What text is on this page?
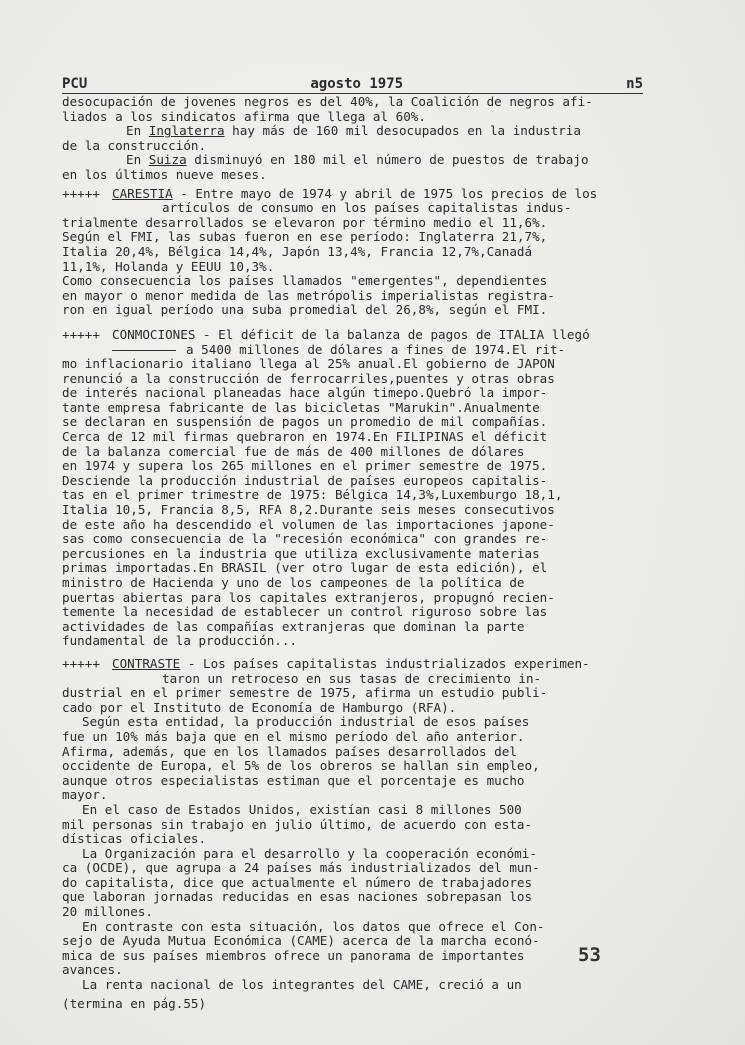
PCU	agosto 1975	n5

desocupación de jovenes negros es del 40%, la Coalición de negros afi-

liados a los sindicatos afirma que llega al 60%.

En Inglaterra hay más de 160 mil desocupados en la industria

de la construcción.

En Suiza disminuyó en 180 mil el número de puestos de trabajo

en los últimos nueve meses.

+++++ CARESTIA - Entre mayo de 1974 y abril de 1975 los precios de los

artículos de consumo en los países capitalistas indus-

trialmente desarrollados se elevaron por término medio el 11,6%.

Según el FMI, las subas fueron en ese período: Inglaterra 21,7%,

Italia 20,4%, Bélgica 14,4%, Japón 13,4%, Francia 12,7%,Canadá

11,1%, Holanda y EEUU 10,3%.

Como consecuencia los países llamados "emergentes", dependientes

en mayor o menor medida de las metrópolis imperialistas registra-

ron en igual período una suba promedial del 26,8%, según el FMI.

+++++ CONMOCIONES - El déficit de la balanza de pagos de ITALIA llegó

a 5400 millones de dólares a fines de 1974.El rit-

mo inflacionario italiano llega al 25% anual.El gobierno de JAPON

renunció a la construcción de ferrocarriles,puentes y otras obras

de interés nacional planeadas hace algún timepo.Quebró la impor-

tante empresa fabricante de las bicicletas "Marukin".Anualmente

se declaran en suspensión de pagos un promedio de mil compañías.

Cerca de 12 mil firmas quebraron en 1974.En FILIPINAS el déficit

de la balanza comercial fue de más de 400 millones de dólares

en 1974 y supera los 265 millones en el primer semestre de 1975.

Desciende la producción industrial de países europeos capitalis-

tas en el primer trimestre de 1975: Bélgica 14,3%,Luxemburgo 18,1,

Italia 10,5, Francia 8,5, RFA 8,2.Durante seis meses consecutivos

de este año ha descendido el volumen de las importaciones japone-

sas como consecuencia de la "recesión económica" con grandes re-

percusiones en la industria que utiliza exclusivamente materias

primas importadas.En BRASIL (ver otro lugar de esta edición), el

ministro de Hacienda y uno de los campeones de la política de

puertas abiertas para los capitales extranjeros, propugnó recien-

temente la necesidad de establecer un control riguroso sobre las

actividades de las compañías extranjeras que dominan la parte

fundamental de la producción...

+++++ CONTRASTE - Los países capitalistas industrializados experimen-

taron un retroceso en sus tasas de crecimiento in-

dustrial en el primer semestre de 1975, afirma un estudio publi-

cado por el Instituto de Economía de Hamburgo (RFA).

Según esta entidad, la producción industrial de esos países

fue un 10% más baja que en el mismo período del año anterior.

Afirma, además, que en los llamados países desarrollados del

occidente de Europa, el 5% de los obreros se hallan sin empleo,

aunque otros especialistas estiman que el porcentaje es mucho

mayor.

En el caso de Estados Unidos, existían casi 8 millones 500

mil personas sin trabajo en julio último, de acuerdo con esta-

dísticas oficiales.

La Organización para el desarrollo y la cooperación económi-

ca (OCDE), que agrupa a 24 países más industrializados del mun-

do capitalista, dice que actualmente el número de trabajadores

que laboran jornadas reducidas en esas naciones sobrepasan los

20 millones.

En contraste con esta situación, los datos que ofrece el Con-

sejo de Ayuda Mutua Económica (CAME) acerca de la marcha econó-

mica de sus países miembros ofrece un panorama de importantes

avances.

La renta nacional de los integrantes del CAME, creció a un

(termina en pág.55)

53
